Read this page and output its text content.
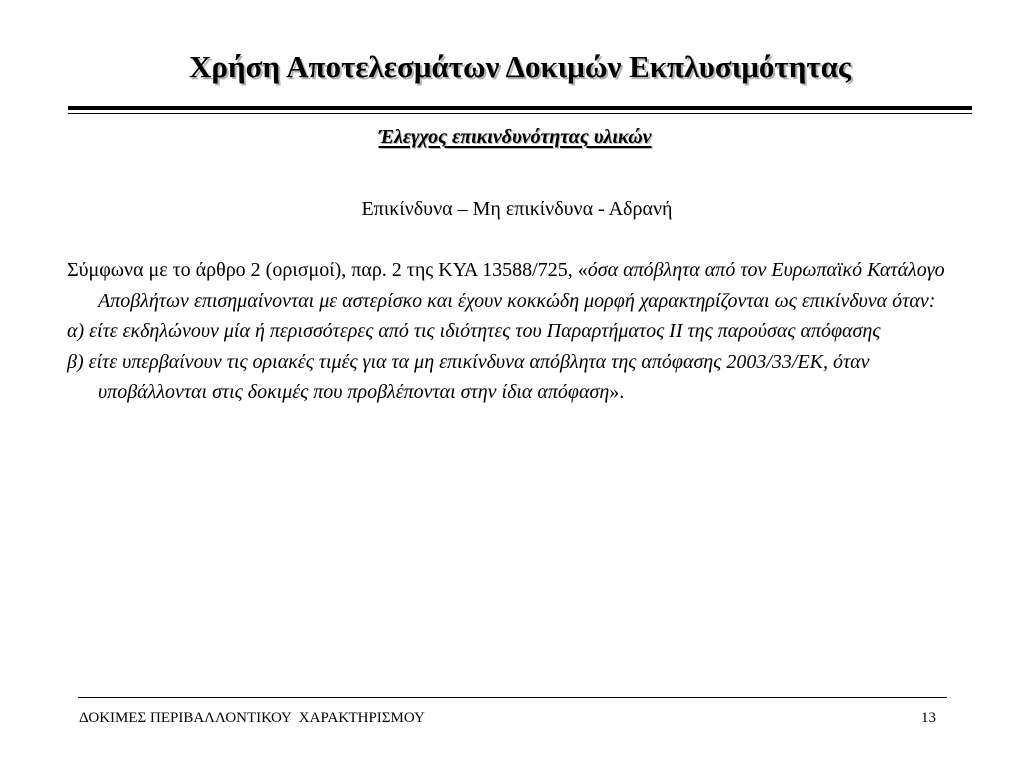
Χρήση Αποτελεσμάτων Δοκιμών Εκπλυσιμότητας
Έλεγχος επικινδυνότητας υλικών
Επικίνδυνα – Μη επικίνδυνα - Αδρανή

Σύμφωνα με το άρθρο 2 (ορισμοί), παρ. 2 της ΚΥΑ 13588/725, «όσα απόβλητα από τον Ευρωπαϊκό Κατάλογο Αποβλήτων επισημαίνονται με αστερίσκο και έχουν κοκκώδη μορφή χαρακτηρίζονται ως επικίνδυνα όταν:

α) είτε εκδηλώνουν μία ή περισσότερες από τις ιδιότητες του Παραρτήματος ΙΙ της παρούσας απόφασης

β) είτε υπερβαίνουν τις οριακές τιμές για τα μη επικίνδυνα απόβλητα της απόφασης 2003/33/ΕΚ, όταν υποβάλλονται στις δοκιμές που προβλέπονται στην ίδια απόφαση».

ΔΟΚΙΜΕΣ ΠΕΡΙΒΑΛΛΟΝΤΙΚΟΥ  ΧΑΡΑΚΤΗΡΙΣΜΟΥ	13
